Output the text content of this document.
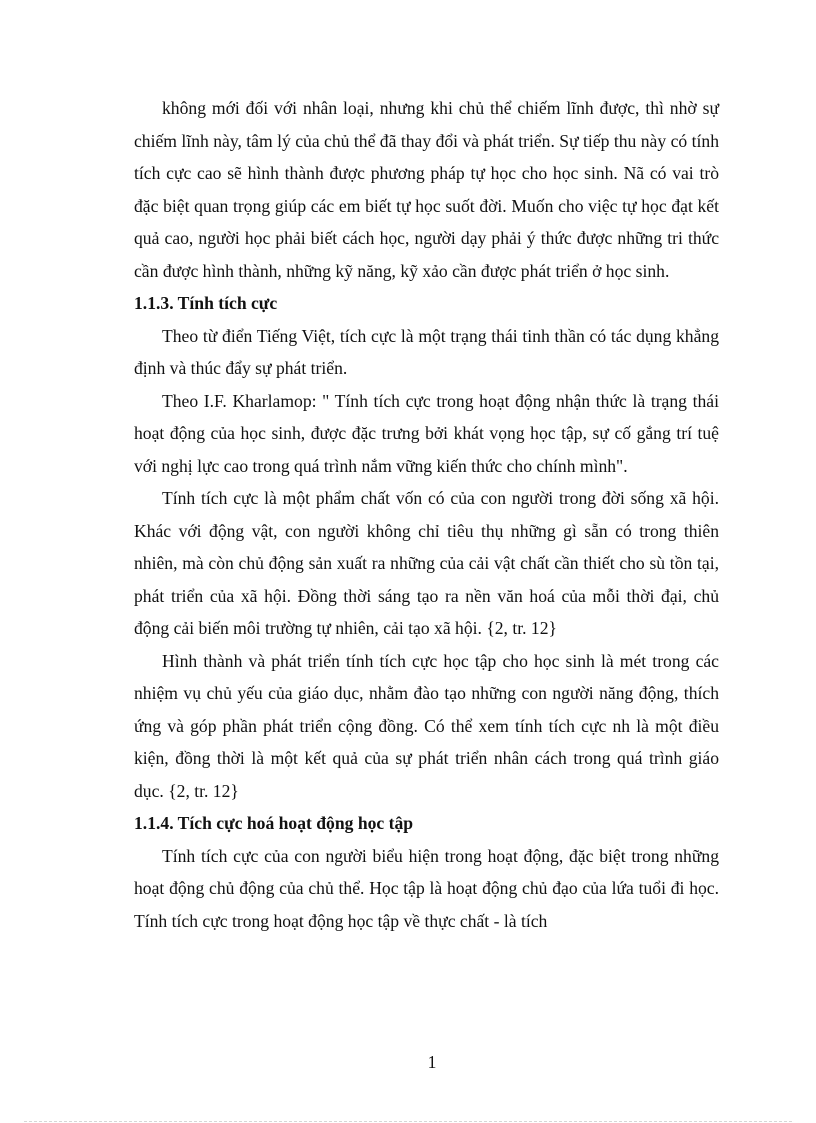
không mới đối với nhân loại, nhưng khi chủ thể chiếm lĩnh được, thì nhờ sự chiếm lĩnh này, tâm lý của chủ thể đã thay đổi và phát triển. Sự tiếp thu này có tính tích cực cao sẽ hình thành được phương pháp tự học cho học sinh. Nã có vai trò đặc biệt quan trọng giúp các em biết tự học suốt đời. Muốn cho việc tự học đạt kết quả cao, người học phải biết cách học, người dạy phải ý thức được những tri thức cần được hình thành, những kỹ năng, kỹ xảo cần được phát triển ở học sinh.

1.1.3. Tính tích cực

Theo từ điển Tiếng Việt, tích cực là một trạng thái tinh thần có tác dụng khẳng định và thúc đẩy sự phát triển.

Theo I.F. Kharlamop: " Tính tích cực trong hoạt động nhận thức là trạng thái hoạt động của học sinh, được đặc trưng bởi khát vọng học tập, sự cố gắng trí tuệ với nghị lực cao trong quá trình nắm vững kiến thức cho chính mình".

Tính tích cực là một phẩm chất vốn có của con người trong đời sống xã hội. Khác với động vật, con người không chỉ tiêu thụ những gì sẵn có trong thiên nhiên, mà còn chủ động sản xuất ra những của cải vật chất cần thiết cho sù tồn tại, phát triển của xã hội. Đồng thời sáng tạo ra nền văn hoá của mỗi thời đại, chủ động cải biến môi trường tự nhiên, cải tạo xã hội. {2, tr. 12}

Hình thành và phát triển tính tích cực học tập cho học sinh là mét trong các nhiệm vụ chủ yếu của giáo dục, nhằm đào tạo những con người năng động, thích ứng và góp phần phát triển cộng đồng. Có thể xem tính tích cực nh là một điều kiện, đồng thời là một kết quả của sự phát triển nhân cách trong quá trình giáo dục. {2, tr. 12}

1.1.4. Tích cực hoá hoạt động học tập

Tính tích cực của con người biểu hiện trong hoạt động, đặc biệt trong những hoạt động chủ động của chủ thể. Học tập là hoạt động chủ đạo của lứa tuổi đi học. Tính tích cực trong hoạt động học tập về thực chất - là tích

1
